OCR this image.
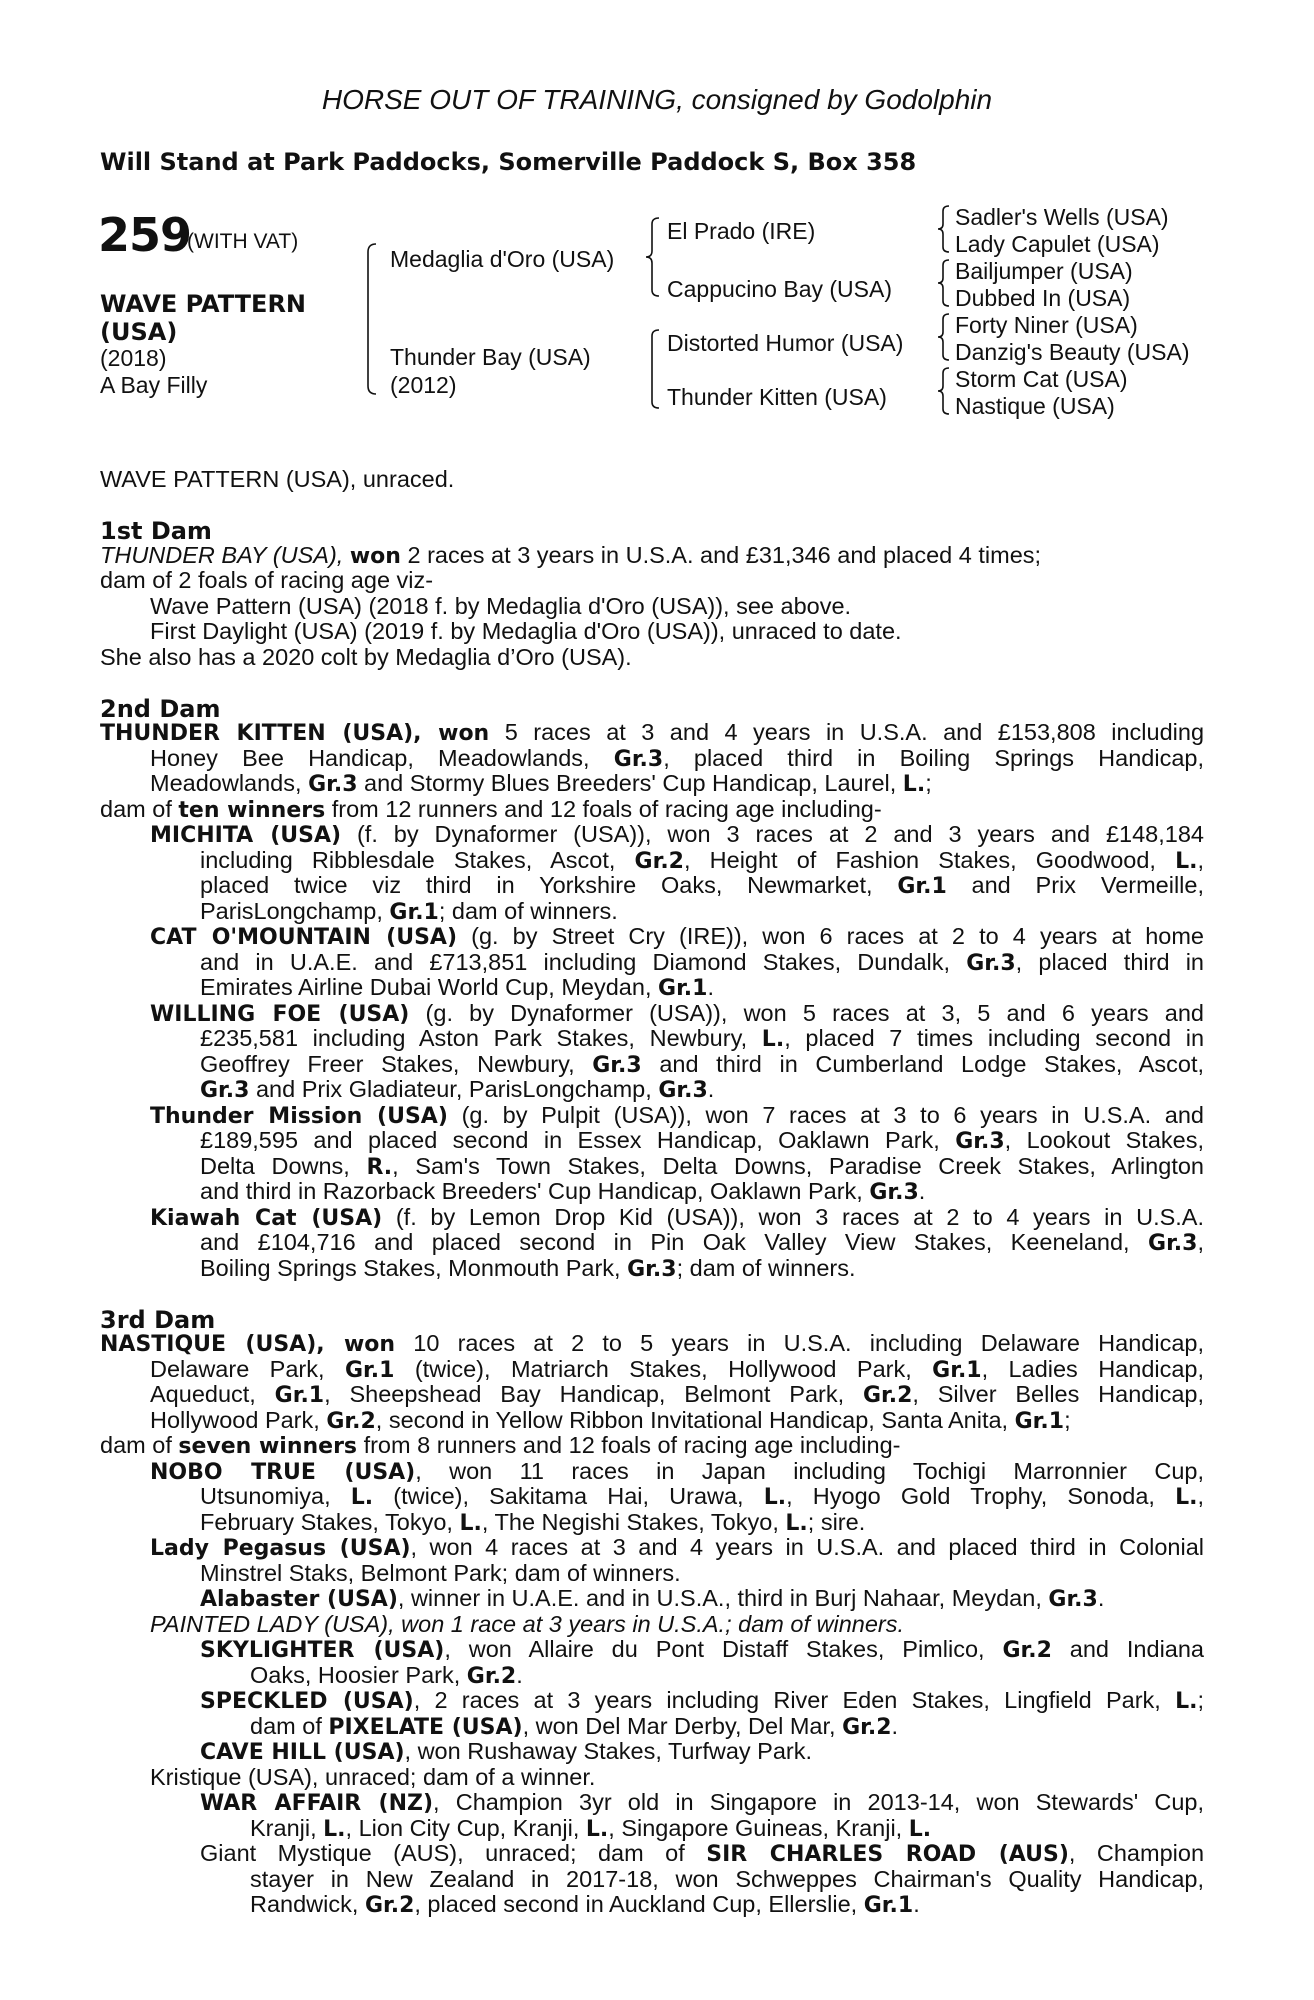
HORSE OUT OF TRAINING, consigned by Godolphin
Will Stand at Park Paddocks, Somerville Paddock S, Box 358
259
(WITH VAT)
WAVE PATTERN
(USA)
(2018)
A Bay Filly
Medaglia d'Oro (USA)
Thunder Bay (USA)
(2012)
El Prado (IRE)
Cappucino Bay (USA)
Distorted Humor (USA)
Thunder Kitten (USA)
Sadler's Wells (USA)
Lady Capulet (USA)
Bailjumper (USA)
Dubbed In (USA)
Forty Niner (USA)
Danzig's Beauty (USA)
Storm Cat (USA)
Nastique (USA)
WAVE PATTERN (USA), unraced.
1st Dam
THUNDER BAY (USA), won 2 races at 3 years in U.S.A. and £31,346 and placed 4 times;
dam of 2 foals of racing age viz-
Wave Pattern (USA) (2018 f. by Medaglia d'Oro (USA)), see above.
First Daylight (USA) (2019 f. by Medaglia d'Oro (USA)), unraced to date.
She also has a 2020 colt by Medaglia d’Oro (USA).
2nd Dam
THUNDER KITTEN (USA), won 5 races at 3 and 4 years in U.S.A. and £153,808 including
Honey Bee Handicap, Meadowlands, Gr.3, placed third in Boiling Springs Handicap,
Meadowlands, Gr.3 and Stormy Blues Breeders' Cup Handicap, Laurel, L.;
dam of ten winners from 12 runners and 12 foals of racing age including-
MICHITA (USA) (f. by Dynaformer (USA)), won 3 races at 2 and 3 years and £148,184
including Ribblesdale Stakes, Ascot, Gr.2, Height of Fashion Stakes, Goodwood, L.,
placed twice viz third in Yorkshire Oaks, Newmarket, Gr.1 and Prix Vermeille,
ParisLongchamp, Gr.1; dam of winners.
CAT O'MOUNTAIN (USA) (g. by Street Cry (IRE)), won 6 races at 2 to 4 years at home
and in U.A.E. and £713,851 including Diamond Stakes, Dundalk, Gr.3, placed third in
Emirates Airline Dubai World Cup, Meydan, Gr.1.
WILLING FOE (USA) (g. by Dynaformer (USA)), won 5 races at 3, 5 and 6 years and
£235,581 including Aston Park Stakes, Newbury, L., placed 7 times including second in
Geoffrey Freer Stakes, Newbury, Gr.3 and third in Cumberland Lodge Stakes, Ascot,
Gr.3 and Prix Gladiateur, ParisLongchamp, Gr.3.
Thunder Mission (USA) (g. by Pulpit (USA)), won 7 races at 3 to 6 years in U.S.A. and
£189,595 and placed second in Essex Handicap, Oaklawn Park, Gr.3, Lookout Stakes,
Delta Downs, R., Sam's Town Stakes, Delta Downs, Paradise Creek Stakes, Arlington
and third in Razorback Breeders' Cup Handicap, Oaklawn Park, Gr.3.
Kiawah Cat (USA) (f. by Lemon Drop Kid (USA)), won 3 races at 2 to 4 years in U.S.A.
and £104,716 and placed second in Pin Oak Valley View Stakes, Keeneland, Gr.3,
Boiling Springs Stakes, Monmouth Park, Gr.3; dam of winners.
3rd Dam
NASTIQUE (USA), won 10 races at 2 to 5 years in U.S.A. including Delaware Handicap,
Delaware Park, Gr.1 (twice), Matriarch Stakes, Hollywood Park, Gr.1, Ladies Handicap,
Aqueduct, Gr.1, Sheepshead Bay Handicap, Belmont Park, Gr.2, Silver Belles Handicap,
Hollywood Park, Gr.2, second in Yellow Ribbon Invitational Handicap, Santa Anita, Gr.1;
dam of seven winners from 8 runners and 12 foals of racing age including-
NOBO TRUE (USA), won 11 races in Japan including Tochigi Marronnier Cup,
Utsunomiya, L. (twice), Sakitama Hai, Urawa, L., Hyogo Gold Trophy, Sonoda, L.,
February Stakes, Tokyo, L., The Negishi Stakes, Tokyo, L.; sire.
Lady Pegasus (USA), won 4 races at 3 and 4 years in U.S.A. and placed third in Colonial
Minstrel Staks, Belmont Park; dam of winners.
Alabaster (USA), winner in U.A.E. and in U.S.A., third in Burj Nahaar, Meydan, Gr.3.
PAINTED LADY (USA), won 1 race at 3 years in U.S.A.; dam of winners.
SKYLIGHTER (USA), won Allaire du Pont Distaff Stakes, Pimlico, Gr.2 and Indiana
Oaks, Hoosier Park, Gr.2.
SPECKLED (USA), 2 races at 3 years including River Eden Stakes, Lingfield Park, L.;
dam of PIXELATE (USA), won Del Mar Derby, Del Mar, Gr.2.
CAVE HILL (USA), won Rushaway Stakes, Turfway Park.
Kristique (USA), unraced; dam of a winner.
WAR AFFAIR (NZ), Champion 3yr old in Singapore in 2013-14, won Stewards' Cup,
Kranji, L., Lion City Cup, Kranji, L., Singapore Guineas, Kranji, L.
Giant Mystique (AUS), unraced; dam of SIR CHARLES ROAD (AUS), Champion
stayer in New Zealand in 2017-18, won Schweppes Chairman's Quality Handicap,
Randwick, Gr.2, placed second in Auckland Cup, Ellerslie, Gr.1.
